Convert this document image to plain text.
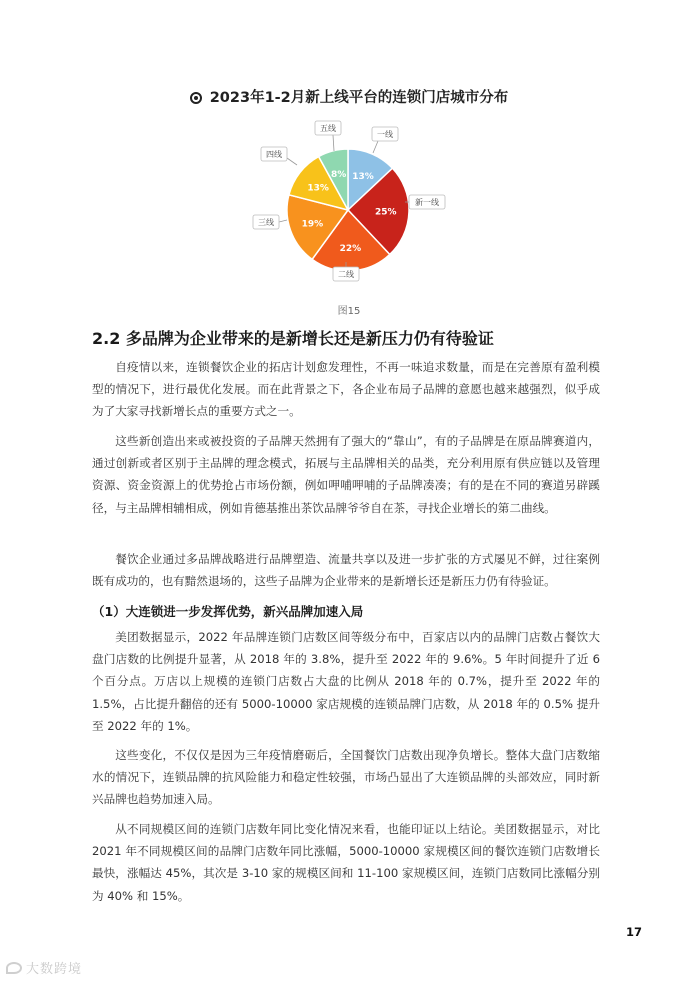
2023年1-2月新上线平台的连锁门店城市分布
13%
一线
25%
新一线
22%
二线
19%
三线
13%
四线
8%
五线
图15
2.2 多品牌为企业带来的是新增长还是新压力仍有待验证

自疫情以来，连锁餐饮企业的拓店计划愈发理性，不再一味追求数量，而是在完善原有盈利模型的情况下，进行最优化发展。而在此背景之下，各企业布局子品牌的意愿也越来越强烈，似乎成为了大家寻找新增长点的重要方式之一。

这些新创造出来或被投资的子品牌天然拥有了强大的“靠山”，有的子品牌是在原品牌赛道内，通过创新或者区别于主品牌的理念模式，拓展与主品牌相关的品类，充分利用原有供应链以及管理资源、资金资源上的优势抢占市场份额，例如呷哺呷哺的子品牌凑凑；有的是在不同的赛道另辟蹊径，与主品牌相辅相成，例如肯德基推出茶饮品牌爷爷自在茶，寻找企业增长的第二曲线。

餐饮企业通过多品牌战略进行品牌塑造、流量共享以及进一步扩张的方式屡见不鲜，过往案例既有成功的，也有黯然退场的，这些子品牌为企业带来的是新增长还是新压力仍有待验证。

（1）大连锁进一步发挥优势，新兴品牌加速入局

美团数据显示，2022 年品牌连锁门店数区间等级分布中，百家店以内的品牌门店数占餐饮大盘门店数的比例提升显著，从 2018 年的 3.8%，提升至 2022 年的 9.6%。5 年时间提升了近 6 个百分点。万店以上规模的连锁门店数占大盘的比例从 2018 年的 0.7%，提升至 2022 年的 1.5%，占比提升翻倍的还有 5000-10000 家店规模的连锁品牌门店数，从 2018 年的 0.5% 提升至 2022 年的 1%。

这些变化，不仅仅是因为三年疫情磨砺后，全国餐饮门店数出现净负增长。整体大盘门店数缩水的情况下，连锁品牌的抗风险能力和稳定性较强，市场凸显出了大连锁品牌的头部效应，同时新兴品牌也趋势加速入局。

从不同规模区间的连锁门店数年同比变化情况来看，也能印证以上结论。美团数据显示，对比 2021 年不同规模区间的品牌门店数年同比涨幅，5000-10000 家规模区间的餐饮连锁门店数增长最快，涨幅达 45%，其次是 3-10 家的规模区间和 11-100 家规模区间，连锁门店数同比涨幅分别为 40% 和 15%。

17
大数跨境
